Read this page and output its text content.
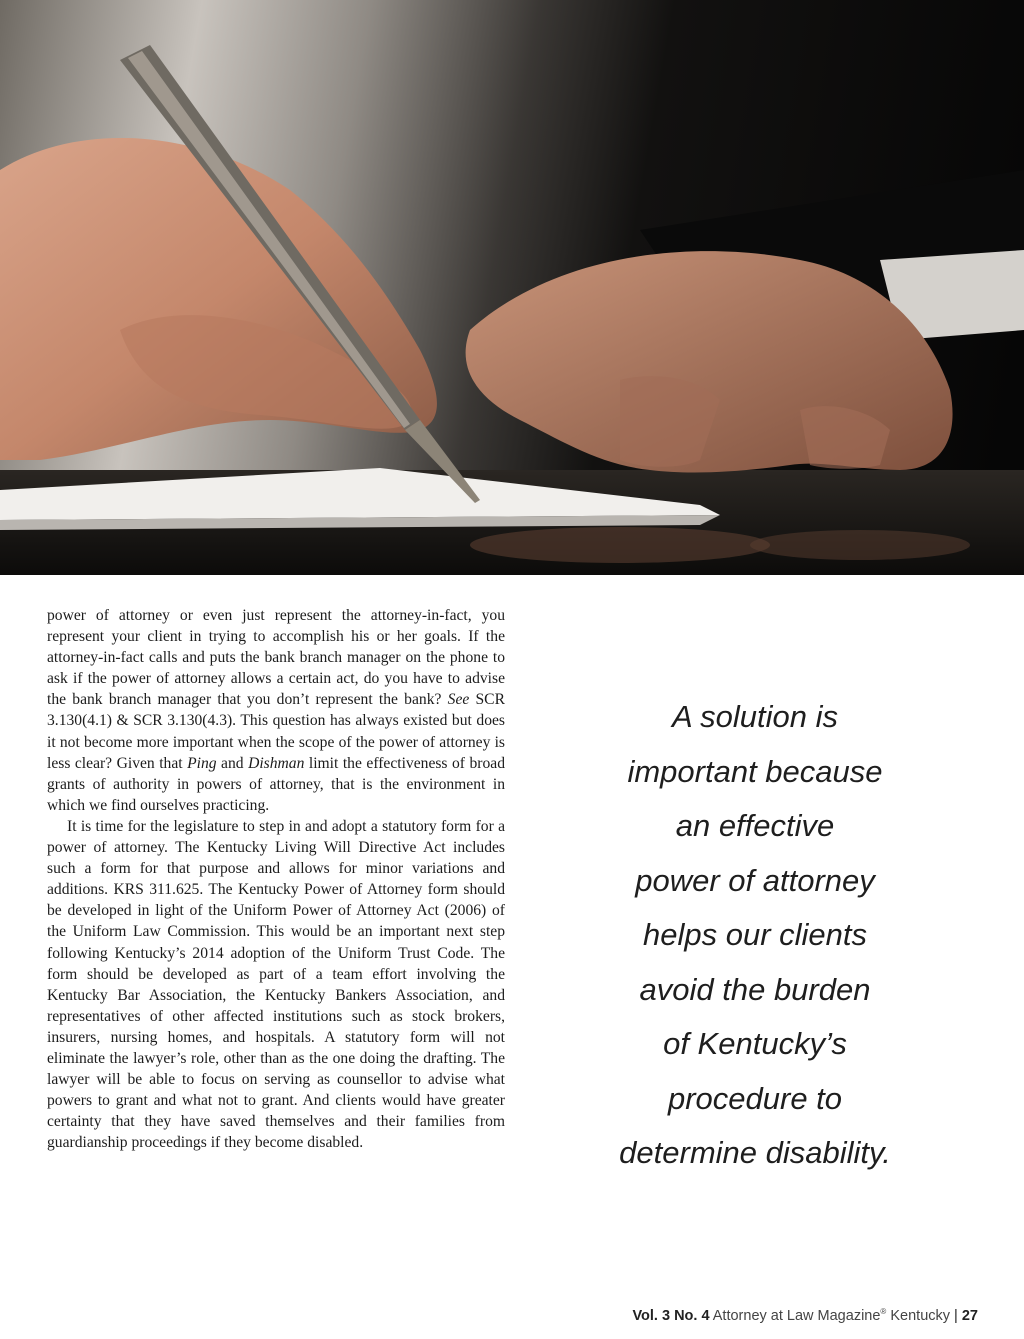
power of attorney or even just represent the attorney-in-fact, you represent your client in trying to accomplish his or her goals. If the attorney-in-fact calls and puts the bank branch manager on the phone to ask if the power of attorney allows a certain act, do you have to advise the bank branch manager that you don’t represent the bank? See SCR 3.130(4.1) & SCR 3.130(4.3). This question has always existed but does it not become more important when the scope of the power of attorney is less clear? Given that Ping and Dishman limit the effectiveness of broad grants of authority in powers of attorney, that is the environment in which we find ourselves practicing.

It is time for the legislature to step in and adopt a statutory form for a power of attorney. The Kentucky Living Will Directive Act includes such a form for that purpose and allows for minor variations and additions. KRS 311.625. The Kentucky Power of Attorney form should be developed in light of the Uniform Power of Attorney Act (2006) of the Uniform Law Commission. This would be an important next step following Kentucky’s 2014 adoption of the Uniform Trust Code. The form should be developed as part of a team effort involving the Kentucky Bar Association, the Kentucky Bankers Association, and representatives of other affected institutions such as stock brokers, insurers, nursing homes, and hospitals. A statutory form will not eliminate the lawyer’s role, other than as the one doing the drafting. The lawyer will be able to focus on serving as counsellor to advise what powers to grant and what not to grant. And clients would have greater certainty that they have saved themselves and their families from guardianship proceedings if they become disabled.

A solution is
important because
an effective
power of attorney
helps our clients
avoid the burden
of Kentucky’s
procedure to
determine disability.
Vol. 3 No. 4 Attorney at Law Magazine® Kentucky | 27
